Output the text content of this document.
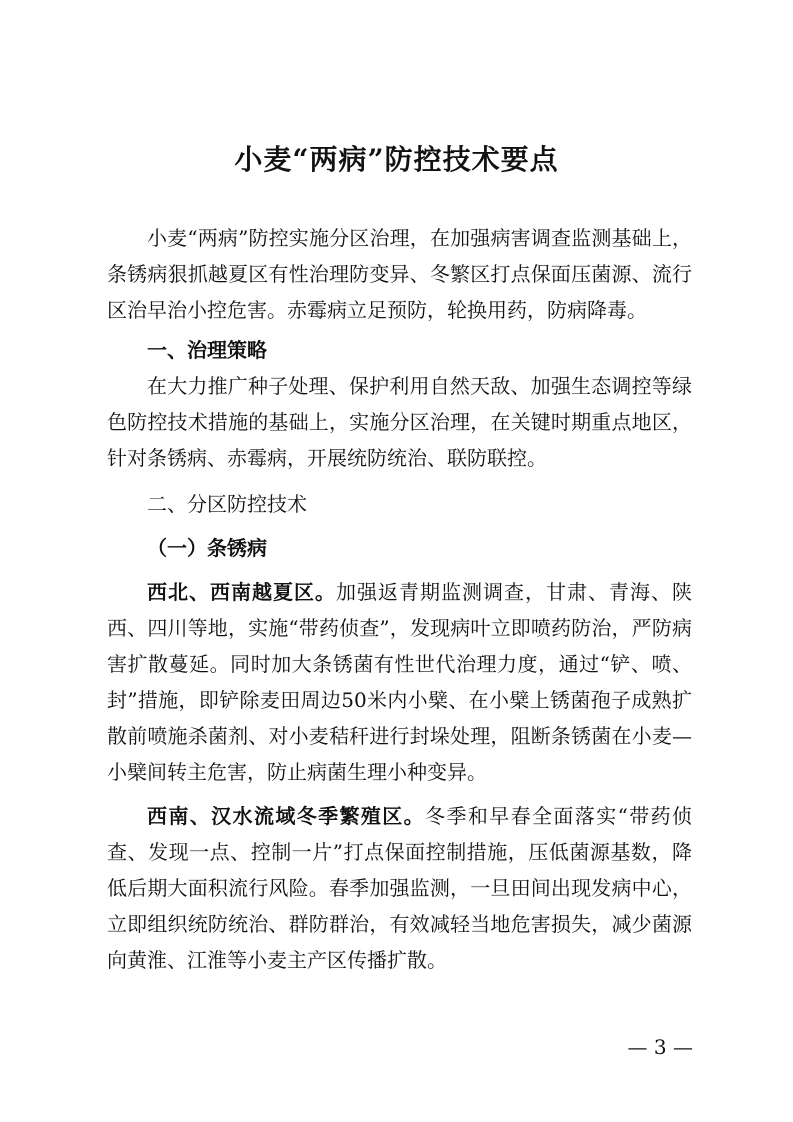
小麦“两病”防控技术要点

小麦“两病”防控实施分区治理，在加强病害调查监测基础上，条锈病狠抓越夏区有性治理防变异、冬繁区打点保面压菌源、流行区治早治小控危害。赤霉病立足预防，轮换用药，防病降毒。

一、治理策略

在大力推广种子处理、保护利用自然天敌、加强生态调控等绿色防控技术措施的基础上，实施分区治理，在关键时期重点地区，针对条锈病、赤霉病，开展统防统治、联防联控。

二、分区防控技术
（一）条锈病

西北、西南越夏区。加强返青期监测调查，甘肃、青海、陕西、四川等地，实施“带药侦查”，发现病叶立即喷药防治，严防病害扩散蔓延。同时加大条锈菌有性世代治理力度，通过“铲、喷、封”措施，即铲除麦田周边50米内小檗、在小檗上锈菌孢子成熟扩散前喷施杀菌剂、对小麦秸秆进行封垛处理，阻断条锈菌在小麦—小檗间转主危害，防止病菌生理小种变异。

西南、汉水流域冬季繁殖区。冬季和早春全面落实“带药侦查、发现一点、控制一片”打点保面控制措施，压低菌源基数，降低后期大面积流行风险。春季加强监测，一旦田间出现发病中心，立即组织统防统治、群防群治，有效减轻当地危害损失，减少菌源向黄淮、江淮等小麦主产区传播扩散。

— 3 —
